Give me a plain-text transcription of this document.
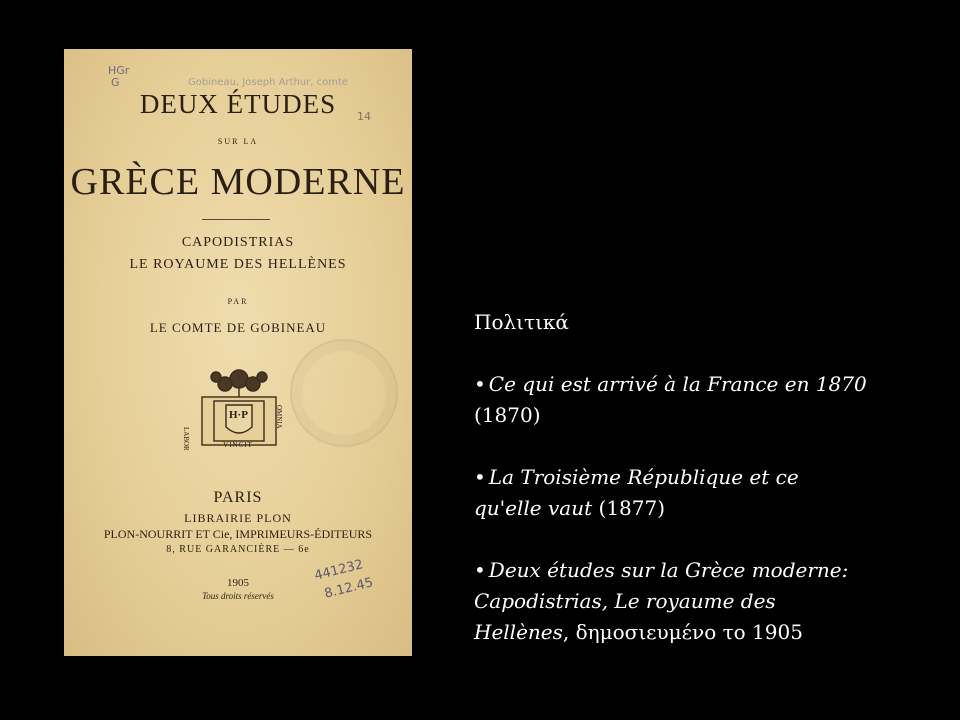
HGr
G	Gobineau, Joseph Arthur, comte
14
DEUX ÉTUDES
SUR LA
GRÈCE MODERNE
CAPODISTRIAS
LE ROYAUME DES HELLÈNES
PAR
LE COMTE DE GOBINEAU
H·P
LABOR
OMNIA
VINCIT
PARIS
LIBRAIRIE PLON
PLON-NOURRIT ET Cie, IMPRIMEURS-ÉDITEURS
8, RUE GARANCIÈRE — 6e
441232
8.12.45
1905
Tous droits réservés
Πολιτικά
• Ce qui est arrivé à la France en 1870
(1870)
• La Troisième République et ce
qu'elle vaut (1877)
• Deux études sur la Grèce moderne:
Capodistrias, Le royaume des
Hellènes, δημοσιευμένο το 1905
